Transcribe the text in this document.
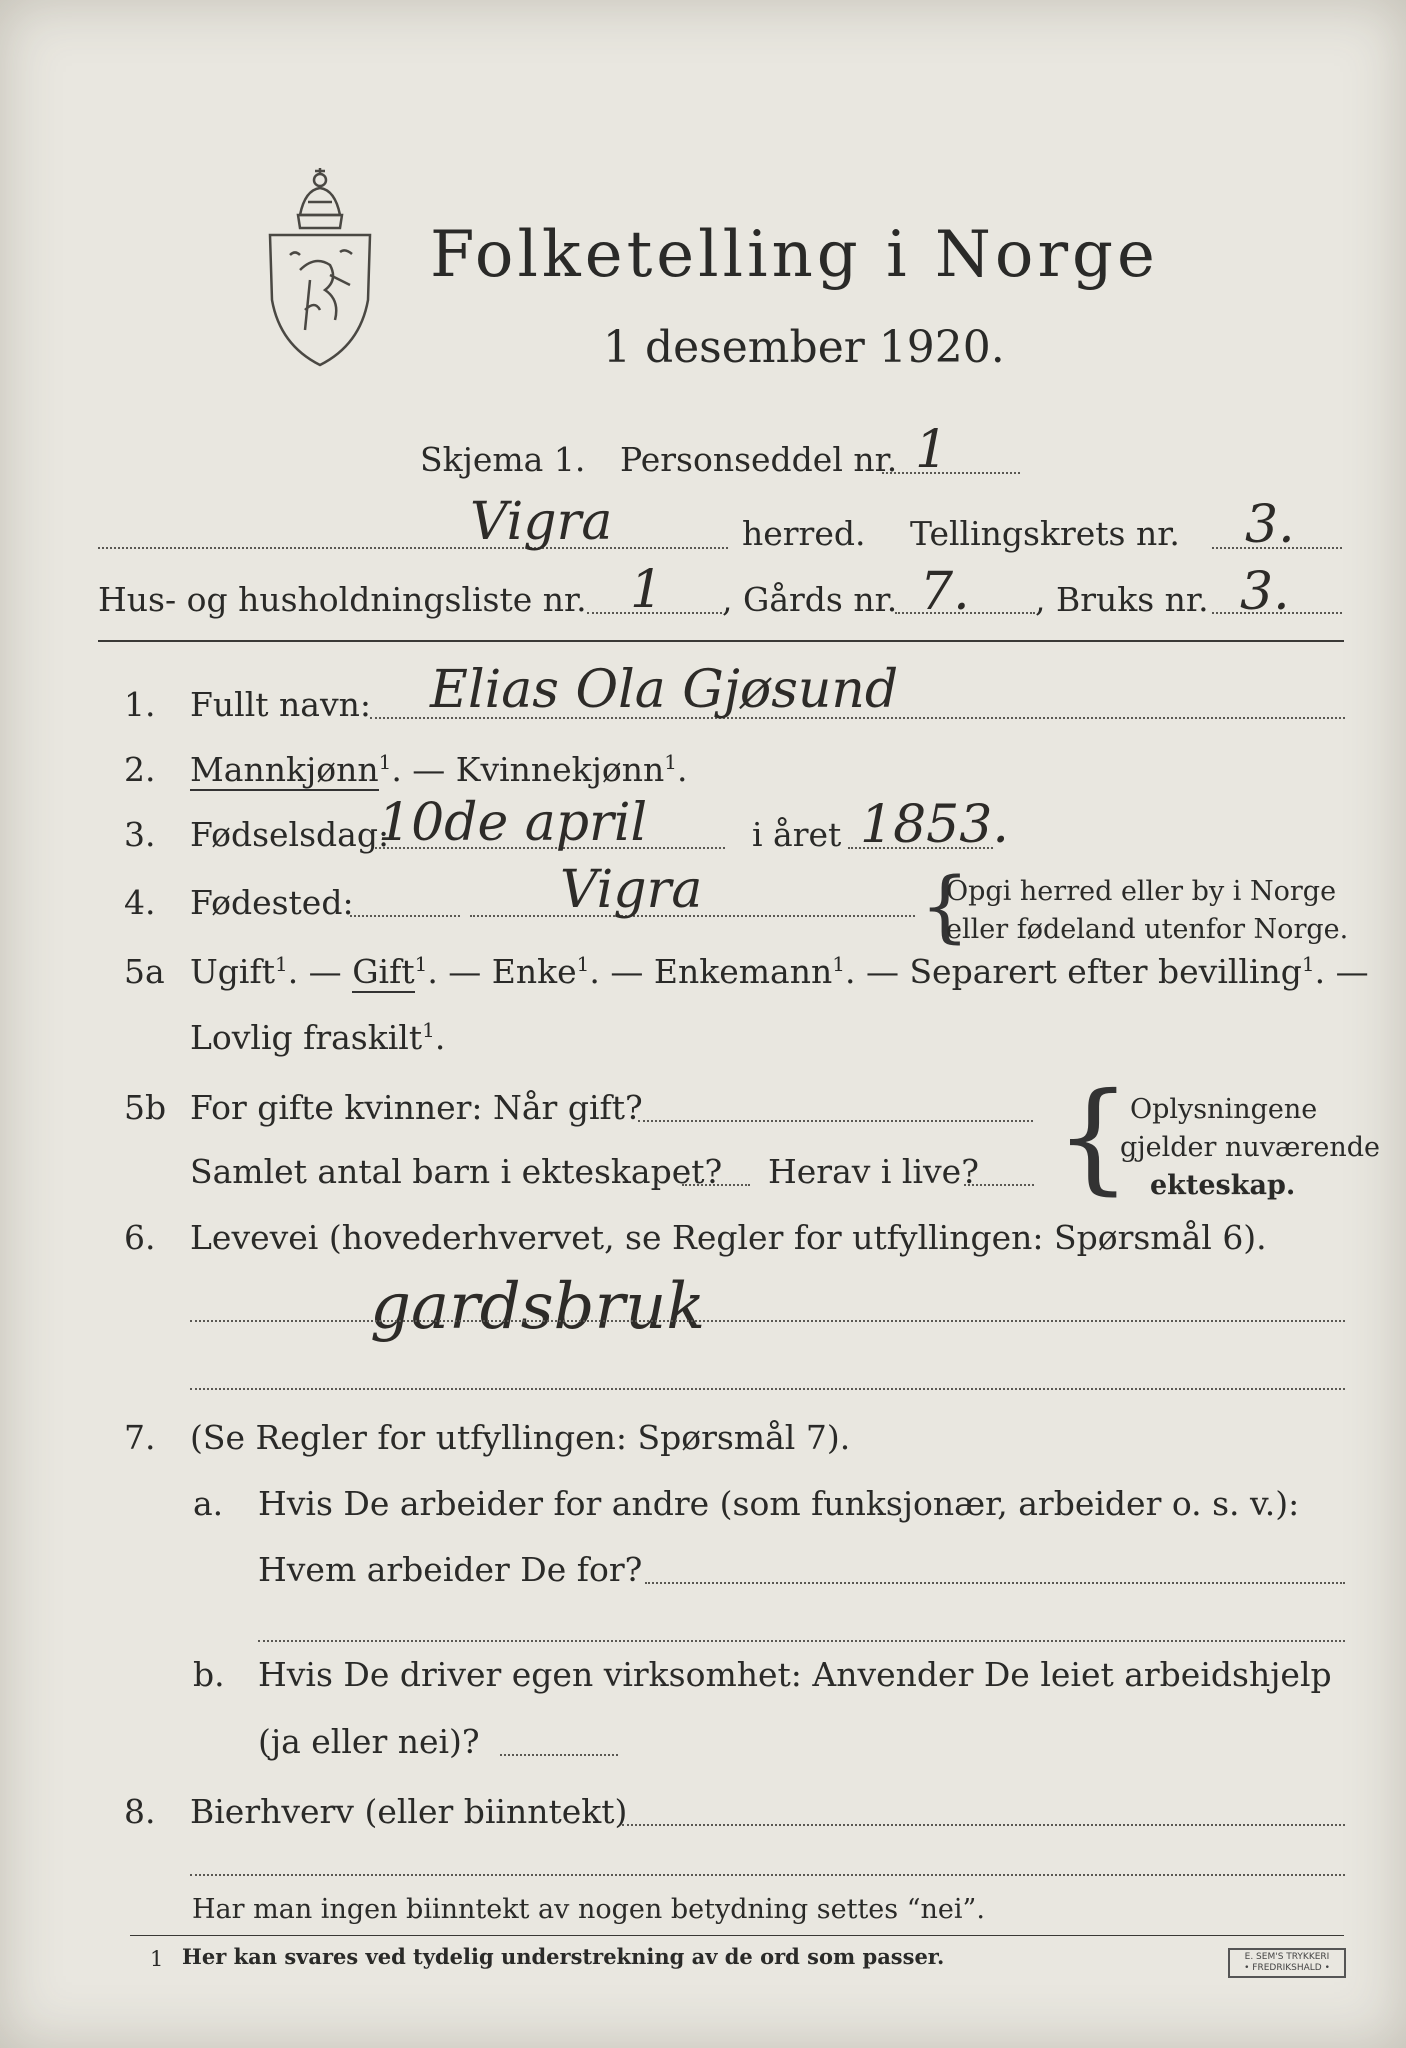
Folketelling i Norge
1 desember 1920.
Skjema 1. Personseddel nr. 1
Vigra	herred. Tellingskrets nr. 3.
Hus- og husholdningsliste nr. 1 , Gårds nr. 7. , Bruks nr. 3.
1. Fullt navn: Elias Ola Gjøsund
2. Mannkjønn$^1$. — Kvinnekjønn$^1$.
3. Fødselsdag:
10de april	i året 1853.
4. Fødested:	Vigra	{
Opgi herred eller by i Norge
eller fødeland utenfor Norge.
5a Ugift$^1$. — Gift$^1$. — Enke$^1$. — Enkemann$^1$. — Separert efter bevilling$^1$. —
Lovlig fraskilt$^1$.
5b For gifte kvinner: Når gift?
Samlet antal barn i ekteskapet? Herav i live? {
Oplysningene
gjelder nuværende
ekteskap.
6. Levevei (hovederhvervet, se Regler for utfyllingen: Spørsmål 6).
gardsbruk
7. (Se Regler for utfyllingen: Spørsmål 7).
a. Hvis De arbeider for andre (som funksjonær, arbeider o. s. v.):
Hvem arbeider De for?
b. Hvis De driver egen virksomhet: Anvender De leiet arbeidshjelp
(ja eller nei)?
8. Bierhverv (eller biinntekt)
Har man ingen biinntekt av nogen betydning settes “nei”.
1 Her kan svares ved tydelig understrekning av de ord som passer.	E. SEM'S TRYKKERI
• FREDRIKSHALD •
